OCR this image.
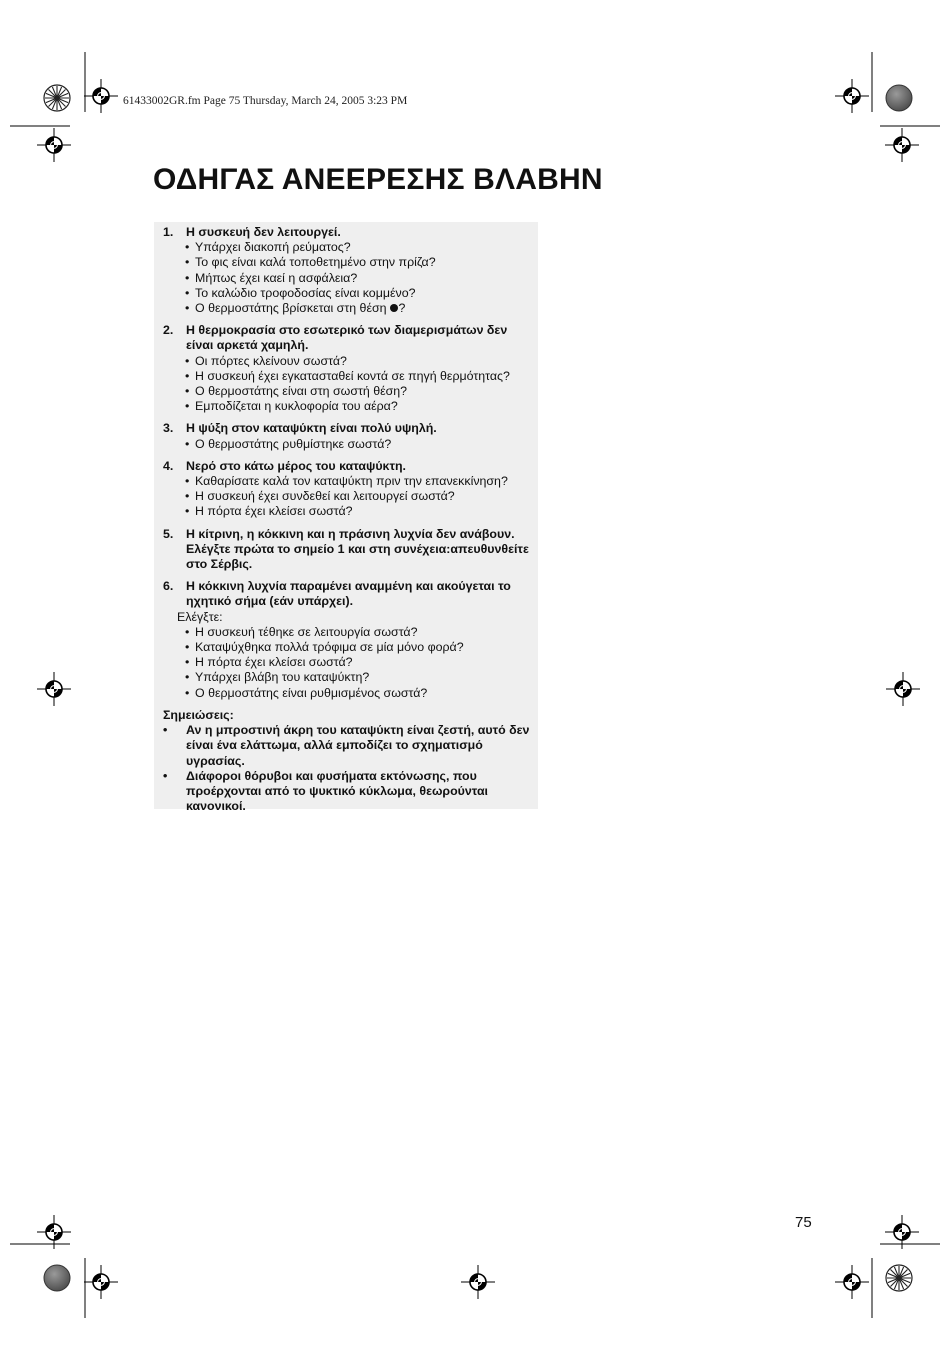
61433002GR.fm Page 75 Thursday, March 24, 2005 3:23 PM
ΟΔΗΓΑΣ ΑΝΕΕΡΕΣΗΣ ΒΛΑΒΗΝ
1.	Η συσκευή δεν λειτουργεί.
• Υπάρχει διακοπή ρεύματος?
• Το φις είναι καλά τοποθετημένο στην πρίζα?
• Μήπως έχει καεί η ασφάλεια?
• Το καλώδιο τροφοδοσίας είναι κομμένο?
• Ο θερμοστάτης βρίσκεται στη θέση ?
2.	Η θερμοκρασία στο εσωτερικό των διαμερισμάτων δεν είναι αρκετά χαμηλή.
• Οι πόρτες κλείνουν σωστά?
• Η συσκευή έχει εγκατασταθεί κοντά σε πηγή θερμότητας?
• Ο θερμοστάτης είναι στη σωστή θέση?
• Εμποδίζεται η κυκλοφορία του αέρα?
3.	Η ψύξη στον καταψύκτη είναι πολύ υψηλή.
• Ο θερμοστάτης ρυθμίστηκε σωστά?
4.	Νερό στο κάτω μέρος του καταψύκτη.
• Καθαρίσατε καλά τον καταψύκτη πριν την επανεκκίνηση?
• Η συσκευή έχει συνδεθεί και λειτουργεί σωστά?
• Η πόρτα έχει κλείσει σωστά?
5.	Η κίτρινη, η κόκκινη και η πράσινη λυχνία δεν ανάβουν. Ελέγξτε πρώτα το σημείο 1 και στη συνέχεια:απευθυνθείτε στο Σέρβις.
6.	Η κόκκινη λυχνία παραμένει αναμμένη και ακούγεται το ηχητικό σήμα (εάν υπάρχει).
Ελέγξτε:
• Η συσκευή τέθηκε σε λειτουργία σωστά?
• Καταψύχθηκα πολλά τρόφιμα σε μία μόνο φορά?
• Η πόρτα έχει κλείσει σωστά?
• Υπάρχει βλάβη του καταψύκτη?
• Ο θερμοστάτης είναι ρυθμισμένος σωστά?
Σημειώσεις:
• Αν η μπροστινή άκρη του καταψύκτη είναι ζεστή, αυτό δεν είναι ένα ελάττωμα, αλλά εμποδίζει το σχηματισμό υγρασίας.
• Διάφοροι θόρυβοι και φυσήματα εκτόνωσης, που προέρχονται από το ψυκτικό κύκλωμα, θεωρούνται κανονικοί.
75
